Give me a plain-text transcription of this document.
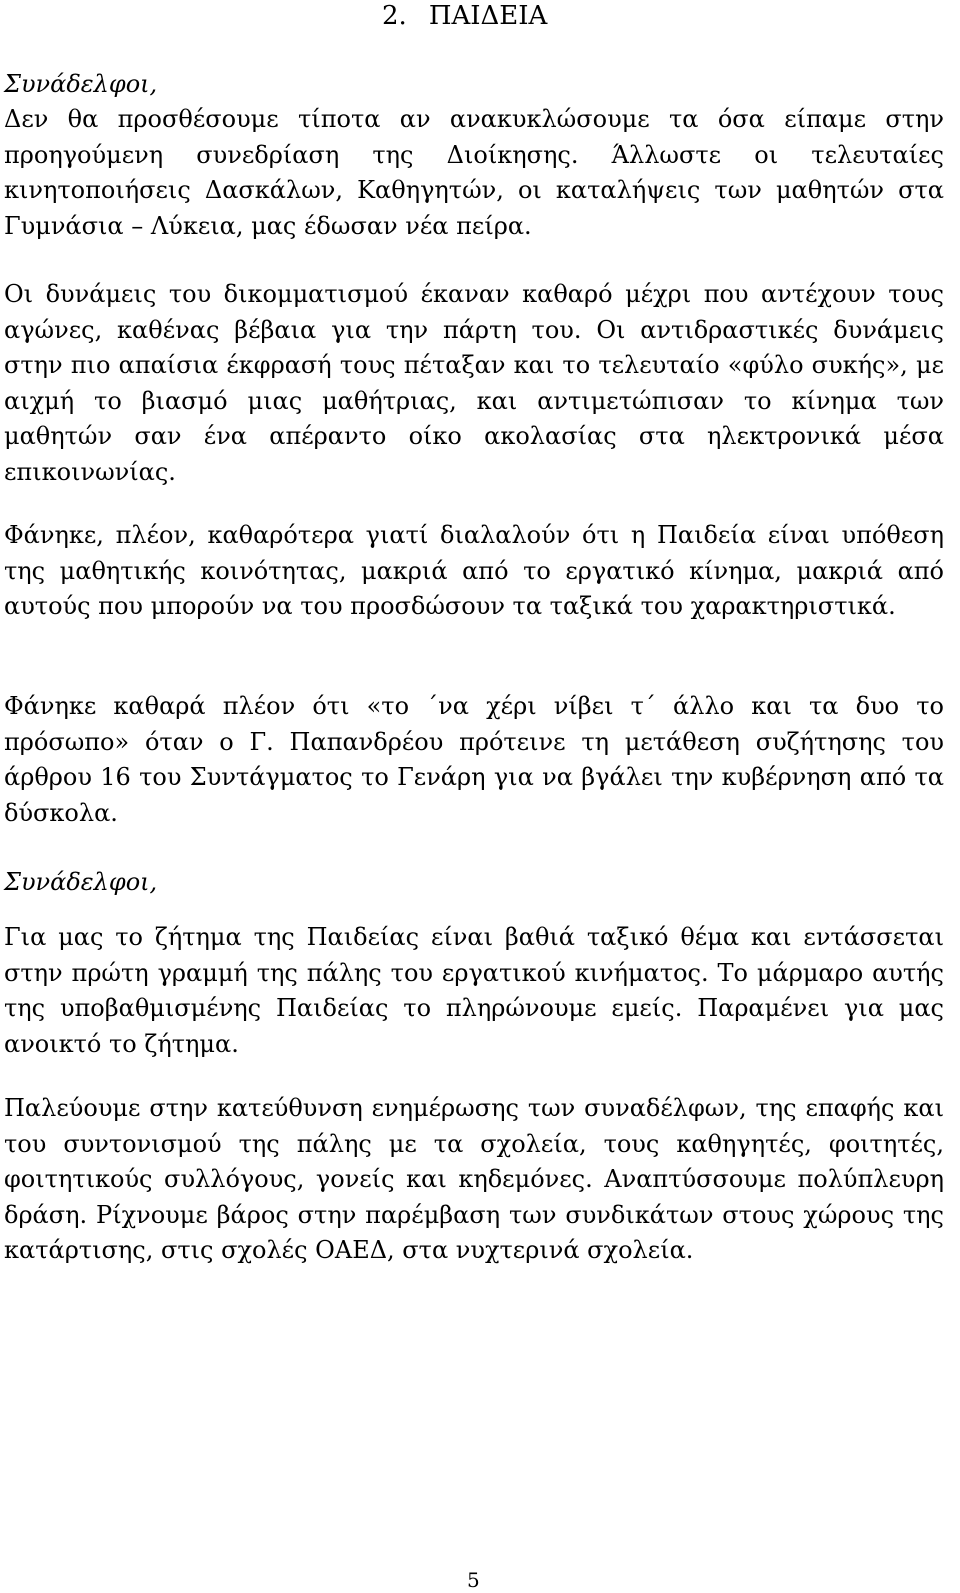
2. ΠΑΙΔΕΙΑ
Συνάδελφοι,

Δεν θα προσθέσουμε τίποτα αν ανακυκλώσουμε τα όσα είπαμε στην προηγούμενη συνεδρίαση της Διοίκησης. Άλλωστε οι τελευταίες κινητοποιήσεις Δασκάλων, Καθηγητών, οι καταλήψεις των μαθητών στα Γυμνάσια – Λύκεια, μας έδωσαν νέα πείρα.

Οι δυνάμεις του δικομματισμού έκαναν καθαρό μέχρι που αντέχουν τους αγώνες, καθένας βέβαια για την πάρτη του. Οι αντιδραστικές δυνάμεις στην πιο απαίσια έκφρασή τους πέταξαν και το τελευταίο «φύλο συκής», με αιχμή το βιασμό μιας μαθήτριας, και αντιμετώπισαν το κίνημα των μαθητών σαν ένα απέραντο οίκο ακολασίας στα ηλεκτρονικά μέσα επικοινωνίας.

Φάνηκε, πλέον, καθαρότερα γιατί διαλαλούν ότι η Παιδεία είναι υπόθεση της μαθητικής κοινότητας, μακριά από το εργατικό κίνημα, μακριά από αυτούς που μπορούν να του προσδώσουν τα ταξικά του χαρακτηριστικά.

Φάνηκε καθαρά πλέον ότι «το ΄να χέρι νίβει τ΄ άλλο και τα δυο το πρόσωπο» όταν ο Γ. Παπανδρέου πρότεινε τη μετάθεση συζήτησης του άρθρου 16 του Συντάγματος το Γενάρη για να βγάλει την κυβέρνηση από τα δύσκολα.

Συνάδελφοι,

Για μας το ζήτημα της Παιδείας είναι βαθιά ταξικό θέμα και εντάσσεται στην πρώτη γραμμή της πάλης του εργατικού κινήματος. Το μάρμαρο αυτής της υποβαθμισμένης Παιδείας το πληρώνουμε εμείς. Παραμένει για μας ανοικτό το ζήτημα.

Παλεύουμε στην κατεύθυνση ενημέρωσης των συναδέλφων, της επαφής και του συντονισμού της πάλης με τα σχολεία, τους καθηγητές, φοιτητές, φοιτητικούς συλλόγους, γονείς και κηδεμόνες. Αναπτύσσουμε πολύπλευρη δράση. Ρίχνουμε βάρος στην παρέμβαση των συνδικάτων στους χώρους της κατάρτισης, στις σχολές ΟΑΕΔ, στα νυχτερινά σχολεία.

5
